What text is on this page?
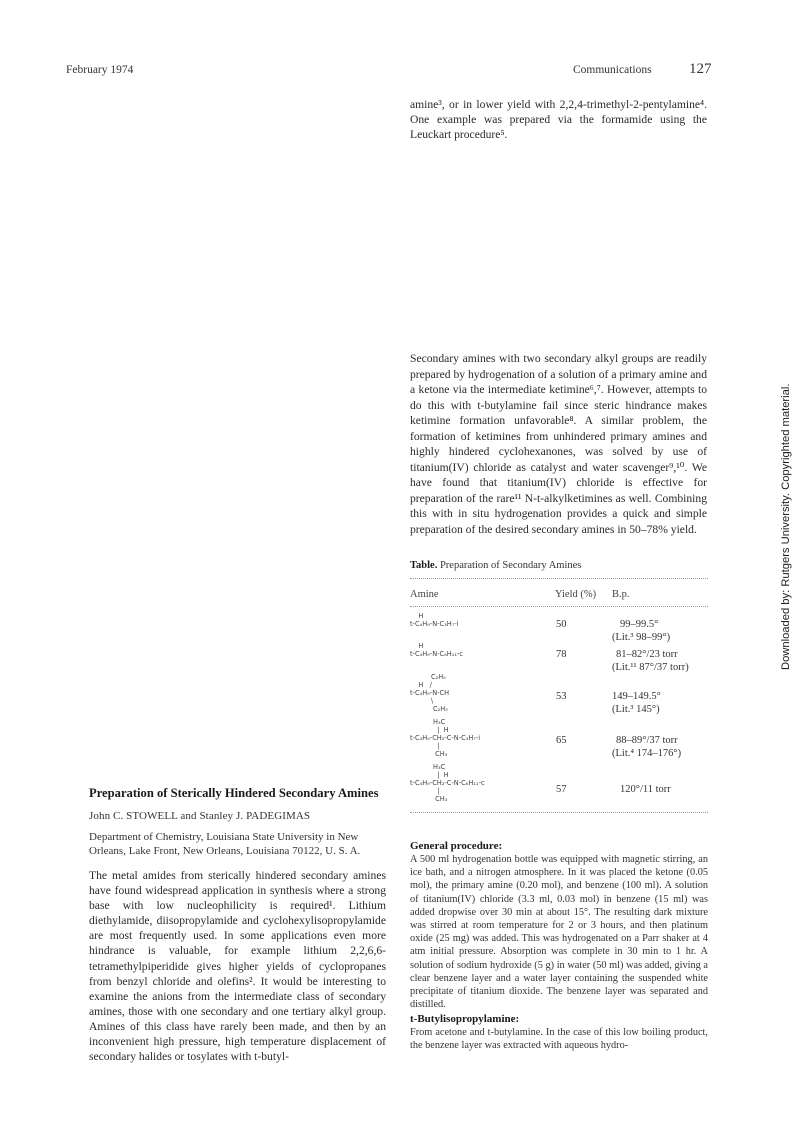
February 1974	Communications 127
Downloaded by: Rutgers University. Copyrighted material.

amine³, or in lower yield with 2,2,4-trimethyl-2-pentylamine⁴. One example was prepared via the formamide using the Leuckart procedure⁵.

Secondary amines with two secondary alkyl groups are readily prepared by hydrogenation of a solution of a primary amine and a ketone via the intermediate ketimine⁶,⁷. However, attempts to do this with t-butylamine fail since steric hindrance makes ketimine formation unfavorable⁸. A similar problem, the formation of ketimines from unhindered primary amines and highly hindered cyclohexanones, was solved by use of titanium(IV) chloride as catalyst and water scavenger⁹,¹⁰. We have found that titanium(IV) chloride is effective for preparation of the rare¹¹ N-t-alkylketimines as well. Combining this with in situ hydrogenation provides a quick and simple preparation of the desired secondary amines in 50–78% yield.

Table. Preparation of Secondary Amines
Amine	Yield (%) B.p.
H
t-C₄H₉-N-C₃H₇-i	50	99–99.5°
(Lit.³ 98–99°)
H
t-C₄H₉-N-C₆H₁₁-c	78	81–82°/23 torr
(Lit.¹¹ 87°/37 torr)
C₂H₅
H   /
t-C₄H₉-N-CH
\
C₂H₅
53	149–149.5°
(Lit.³ 145°)
H₃C
|  H
t-C₄H₉-CH₂-C-N-C₃H₇-i
|
CH₃
65	88–89°/37 torr
(Lit.⁴ 174–176°)
H₃C
|  H
t-C₄H₉-CH₂-C-N-C₆H₁₁-c
|
CH₃
57	120°/11 torr
Preparation of Sterically Hindered Secondary Amines
John C. STOWELL and Stanley J. PADEGIMAS
Department of Chemistry, Louisiana State University in New Orleans, Lake Front, New Orleans, Louisiana 70122, U. S. A.

The metal amides from sterically hindered secondary amines have found widespread application in synthesis where a strong base with low nucleophilicity is required¹. Lithium diethylamide, diisopropylamide and cyclohexylisopropylamide are most frequently used. In some applications even more hindrance is valuable, for example lithium 2,2,6,6-tetramethylpiperidide gives higher yields of cyclopropanes from benzyl chloride and olefins². It would be interesting to examine the anions from the intermediate class of secondary amines, those with one secondary and one tertiary alkyl group. Amines of this class have rarely been made, and then by an inconvenient high pressure, high temperature displacement of secondary halides or tosylates with t-butyl-

General procedure:
A 500 ml hydrogenation bottle was equipped with magnetic stirring, an ice bath, and a nitrogen atmosphere. In it was placed the ketone (0.05 mol), the primary amine (0.20 mol), and benzene (100 ml). A solution of titanium(IV) chloride (3.3 ml, 0.03 mol) in benzene (15 ml) was added dropwise over 30 min at about 15°. The resulting dark mixture was stirred at room temperature for 2 or 3 hours, and then platinum oxide (25 mg) was added. This was hydrogenated on a Parr shaker at 4 atm initial pressure. Absorption was complete in 30 min to 1 hr. A solution of sodium hydroxide (5 g) in water (50 ml) was added, giving a clear benzene layer and a water layer containing the suspended white precipitate of titanium dioxide. The benzene layer was separated and distilled.
t-Butylisopropylamine:
From acetone and t-butylamine. In the case of this low boiling product, the benzene layer was extracted with aqueous hydro-
